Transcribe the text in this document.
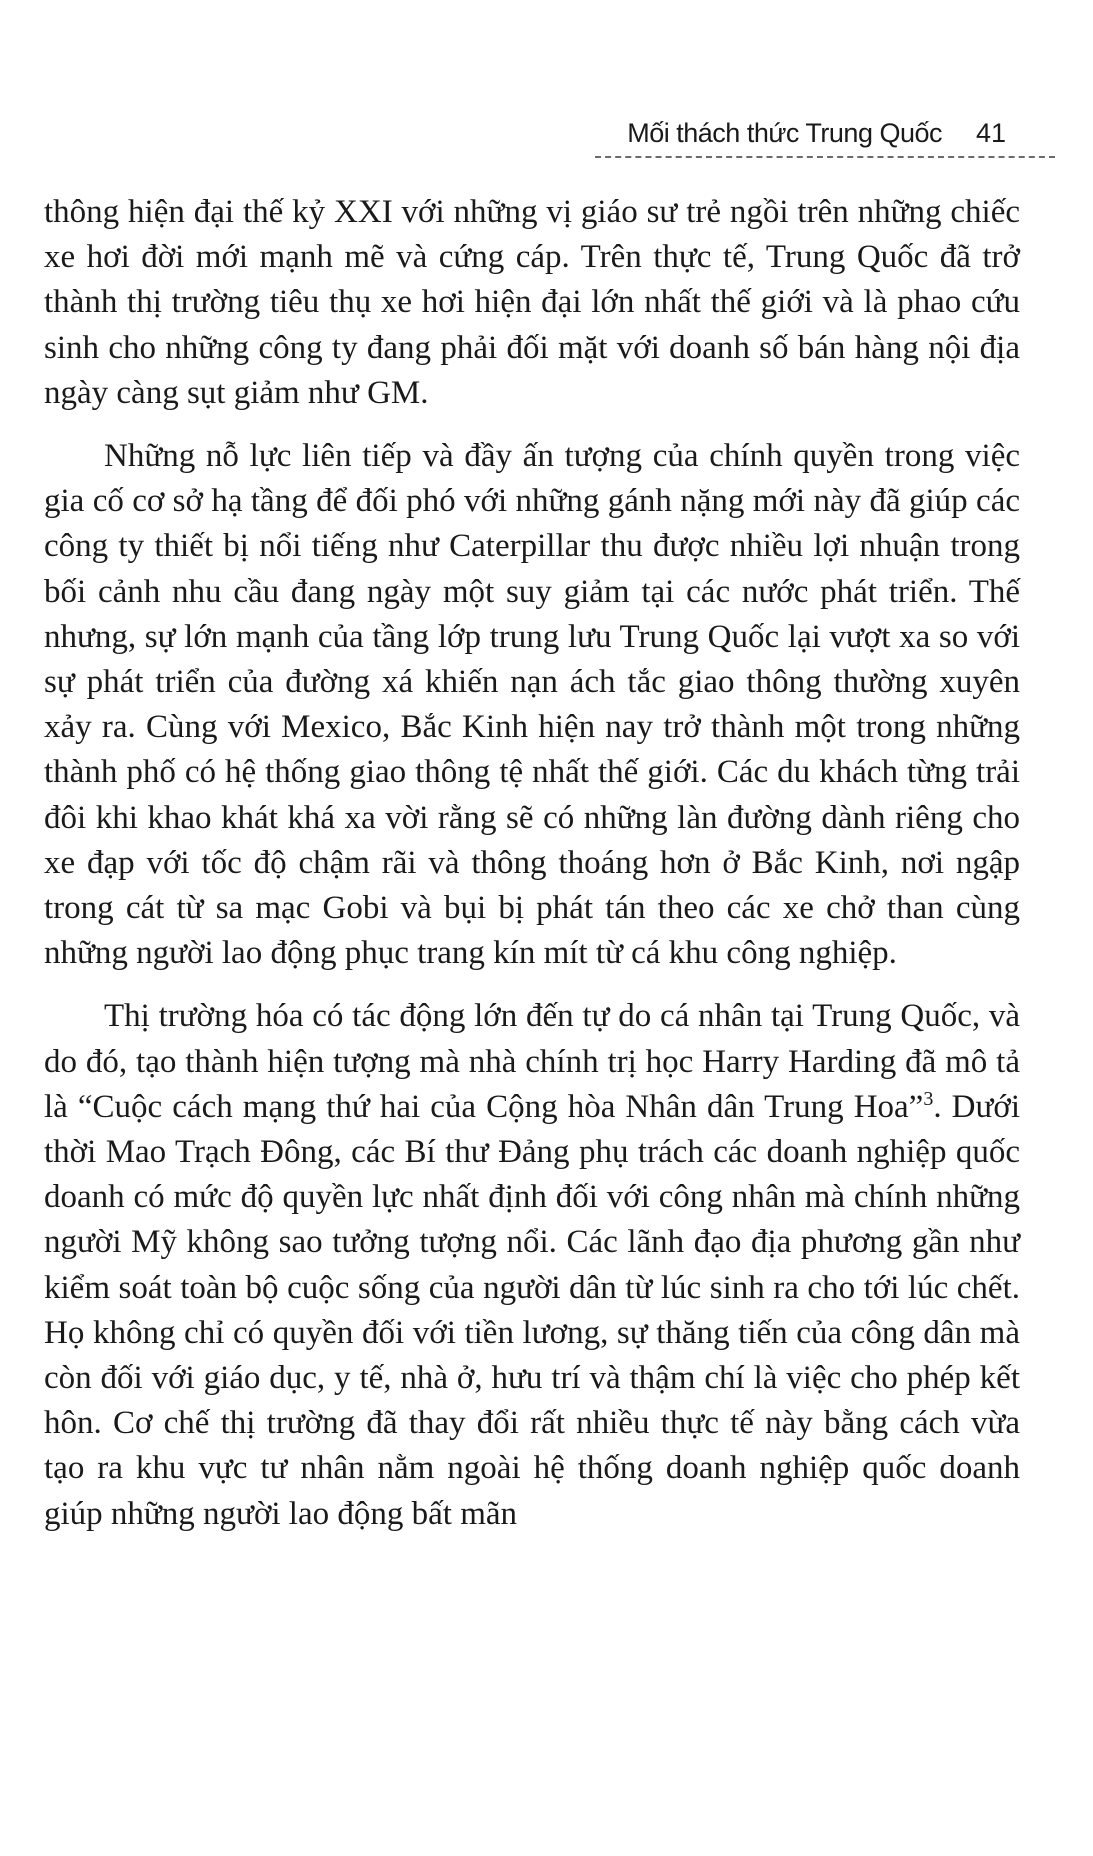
Mối thách thức Trung Quốc 41

thông hiện đại thế kỷ XXI với những vị giáo sư trẻ ngồi trên những chiếc xe hơi đời mới mạnh mẽ và cứng cáp. Trên thực tế, Trung Quốc đã trở thành thị trường tiêu thụ xe hơi hiện đại lớn nhất thế giới và là phao cứu sinh cho những công ty đang phải đối mặt với doanh số bán hàng nội địa ngày càng sụt giảm như GM.

Những nỗ lực liên tiếp và đầy ấn tượng của chính quyền trong việc gia cố cơ sở hạ tầng để đối phó với những gánh nặng mới này đã giúp các công ty thiết bị nổi tiếng như Caterpillar thu được nhiều lợi nhuận trong bối cảnh nhu cầu đang ngày một suy giảm tại các nước phát triển. Thế nhưng, sự lớn mạnh của tầng lớp trung lưu Trung Quốc lại vượt xa so với sự phát triển của đường xá khiến nạn ách tắc giao thông thường xuyên xảy ra. Cùng với Mexico, Bắc Kinh hiện nay trở thành một trong những thành phố có hệ thống giao thông tệ nhất thế giới. Các du khách từng trải đôi khi khao khát khá xa vời rằng sẽ có những làn đường dành riêng cho xe đạp với tốc độ chậm rãi và thông thoáng hơn ở Bắc Kinh, nơi ngập trong cát từ sa mạc Gobi và bụi bị phát tán theo các xe chở than cùng những người lao động phục trang kín mít từ cá khu công nghiệp.

Thị trường hóa có tác động lớn đến tự do cá nhân tại Trung Quốc, và do đó, tạo thành hiện tượng mà nhà chính trị học Harry Harding đã mô tả là “Cuộc cách mạng thứ hai của Cộng hòa Nhân dân Trung Hoa”$^3$. Dưới thời Mao Trạch Đông, các Bí thư Đảng phụ trách các doanh nghiệp quốc doanh có mức độ quyền lực nhất định đối với công nhân mà chính những người Mỹ không sao tưởng tượng nổi. Các lãnh đạo địa phương gần như kiểm soát toàn bộ cuộc sống của người dân từ lúc sinh ra cho tới lúc chết. Họ không chỉ có quyền đối với tiền lương, sự thăng tiến của công dân mà còn đối với giáo dục, y tế, nhà ở, hưu trí và thậm chí là việc cho phép kết hôn. Cơ chế thị trường đã thay đổi rất nhiều thực tế này bằng cách vừa tạo ra khu vực tư nhân nằm ngoài hệ thống doanh nghiệp quốc doanh giúp những người lao động bất mãn
